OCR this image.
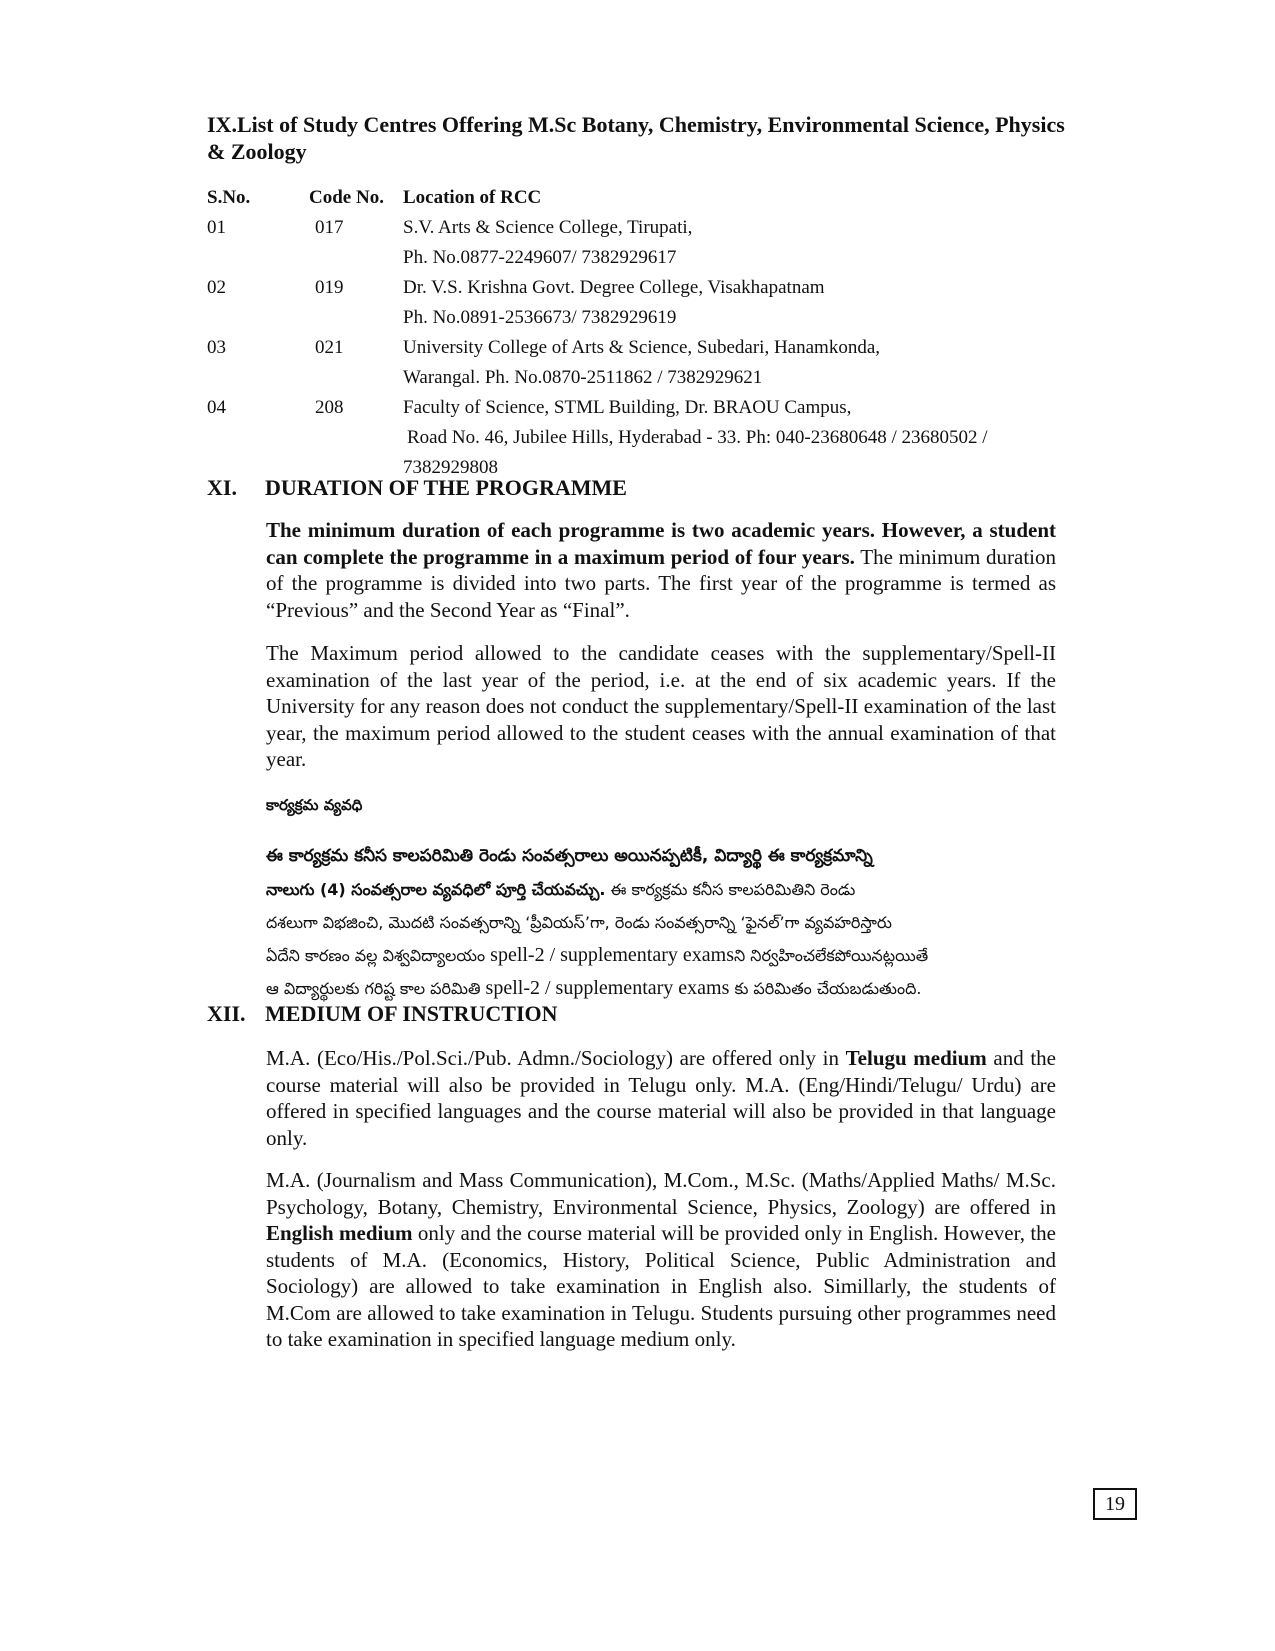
IX.List of Study Centres Offering M.Sc Botany, Chemistry, Environmental Science, Physics & Zoology
S.No.	Code No.	Location of RCC
01	017	S.V. Arts & Science College, Tirupati,
Ph. No.0877-2249607/ 7382929617
02	019	Dr. V.S. Krishna Govt. Degree College, Visakhapatnam
Ph. No.0891-2536673/ 7382929619
03	021	University College of Arts & Science, Subedari, Hanamkonda,
Warangal. Ph. No.0870-2511862 / 7382929621
04	208	Faculty of Science, STML Building, Dr. BRAOU Campus,
Road No. 46, Jubilee Hills, Hyderabad - 33. Ph: 040-23680648 / 23680502 /
7382929808
XI. DURATION OF THE PROGRAMME
The minimum duration of each programme is two academic years. However, a student can complete the programme in a maximum period of four years. The minimum duration of the programme is divided into two parts. The first year of the programme is termed as “Previous” and the Second Year as “Final”.
The Maximum period allowed to the candidate ceases with the supplementary/Spell-II examination of the last year of the period, i.e. at the end of six academic years. If the University for any reason does not conduct the supplementary/Spell-II examination of the last year, the maximum period allowed to the student ceases with the annual examination of that year.
కార్యక్రమ వ్యవధి
ఈ కార్యక్రమ కనీస కాలపరిమితి రెండు సంవత్సరాలు అయినప్పటికీ, విద్యార్థి ఈ కార్యక్రమాన్ని
నాలుగు (4) సంవత్సరాల వ్యవధిలో పూర్తి చేయవచ్చు. ఈ కార్యక్రమ కనీస కాలపరిమితిని రెండు
దశలుగా విభజించి, మొదటి సంవత్సరాన్ని ‘ప్రీవియస్’గా, రెండు సంవత్సరాన్ని ‘ఫైనల్’గా వ్యవహరిస్తారు
ఏదేని కారణం వల్ల విశ్వవిద్యాలయం spell-2 / supplementary examsని నిర్వహించలేకపోయినట్లయితే
ఆ విద్యార్థులకు గరిష్ట కాల పరిమితి spell-2 / supplementary exams కు పరిమితం చేయబడుతుంది.
XII. MEDIUM OF INSTRUCTION
M.A. (Eco/His./Pol.Sci./Pub. Admn./Sociology) are offered only in Telugu medium and the course material will also be provided in Telugu only. M.A. (Eng/Hindi/Telugu/ Urdu) are offered in specified languages and the course material will also be provided in that language only.
M.A. (Journalism and Mass Communication), M.Com., M.Sc. (Maths/Applied Maths/ M.Sc. Psychology, Botany, Chemistry, Environmental Science, Physics, Zoology) are offered in English medium only and the course material will be provided only in English. However, the students of M.A. (Economics, History, Political Science, Public Administration and Sociology) are allowed to take examination in English also. Simillarly, the students of M.Com are allowed to take examination in Telugu. Students pursuing other programmes need to take examination in specified language medium only.
19
